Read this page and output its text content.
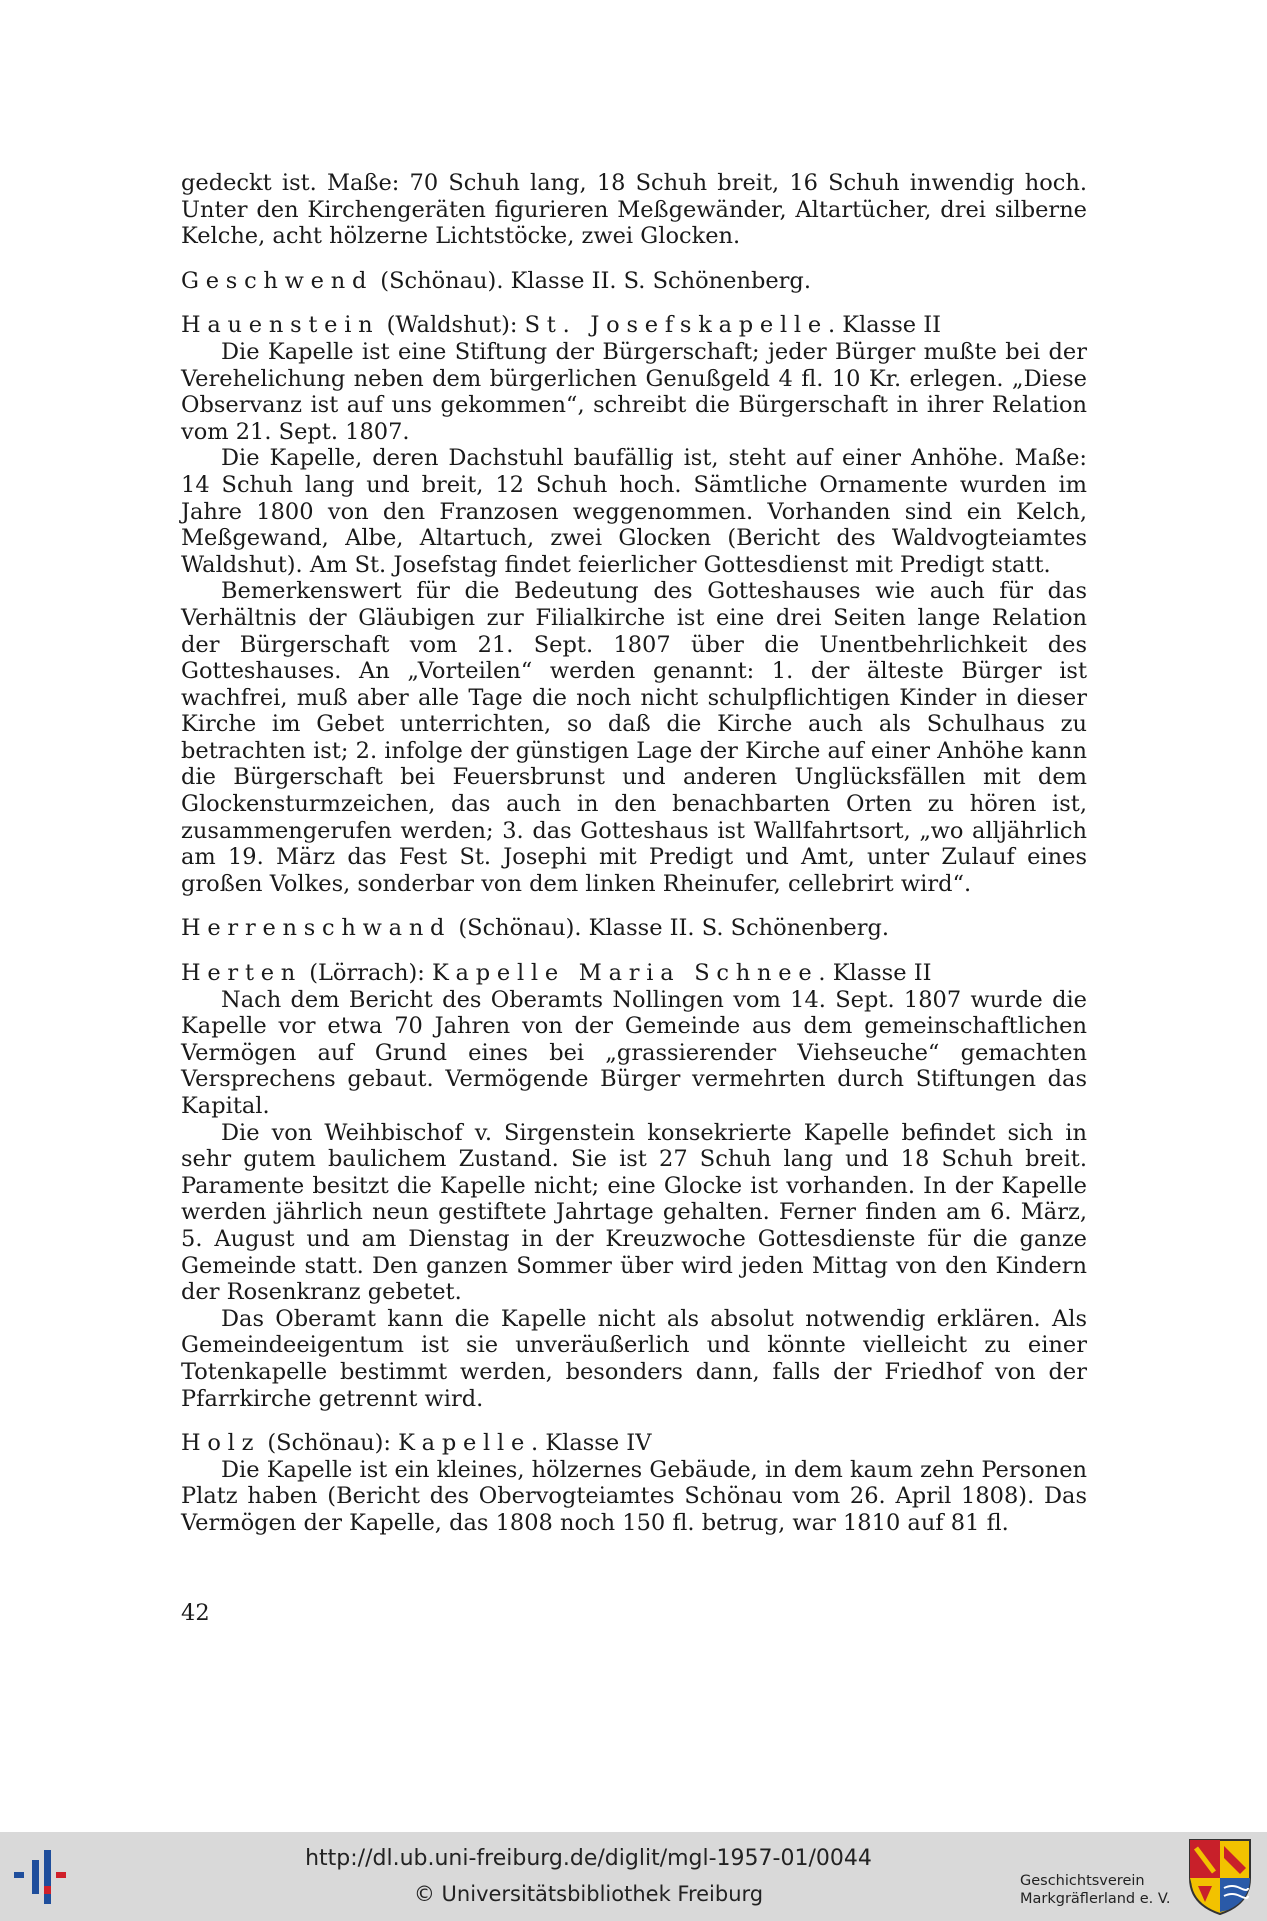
gedeckt ist. Maße: 70 Schuh lang, 18 Schuh breit, 16 Schuh inwendig hoch. Unter den Kirchengeräten figurieren Meßgewänder, Altartücher, drei silberne Kelche, acht hölzerne Lichtstöcke, zwei Glocken.

Geschwend (Schönau). Klasse II. S. Schönenberg.

Hauenstein (Waldshut): St. Josefskapelle. Klasse II

Die Kapelle ist eine Stiftung der Bürgerschaft; jeder Bürger mußte bei der Verehelichung neben dem bürgerlichen Genußgeld 4 fl. 10 Kr. erlegen. „Diese Observanz ist auf uns gekommen“, schreibt die Bürgerschaft in ihrer Relation vom 21. Sept. 1807.

Die Kapelle, deren Dachstuhl baufällig ist, steht auf einer Anhöhe. Maße: 14 Schuh lang und breit, 12 Schuh hoch. Sämtliche Ornamente wurden im Jahre 1800 von den Franzosen weggenommen. Vorhanden sind ein Kelch, Meßgewand, Albe, Altartuch, zwei Glocken (Bericht des Waldvogteiamtes Waldshut). Am St. Josefstag findet feierlicher Gottesdienst mit Predigt statt.

Bemerkenswert für die Bedeutung des Gotteshauses wie auch für das Verhältnis der Gläubigen zur Filialkirche ist eine drei Seiten lange Relation der Bürgerschaft vom 21. Sept. 1807 über die Unentbehrlichkeit des Gotteshauses. An „Vorteilen“ werden genannt: 1. der älteste Bürger ist wachfrei, muß aber alle Tage die noch nicht schulpflichtigen Kinder in dieser Kirche im Gebet unterrichten, so daß die Kirche auch als Schulhaus zu betrachten ist; 2. infolge der günstigen Lage der Kirche auf einer Anhöhe kann die Bürgerschaft bei Feuersbrunst und anderen Unglücksfällen mit dem Glockensturmzeichen, das auch in den benachbarten Orten zu hören ist, zusammengerufen werden; 3. das Gotteshaus ist Wallfahrtsort, „wo alljährlich am 19. März das Fest St. Josephi mit Predigt und Amt, unter Zulauf eines großen Volkes, sonderbar von dem linken Rheinufer, cellebrirt wird“.

Herrenschwand (Schönau). Klasse II. S. Schönenberg.

Herten (Lörrach): Kapelle Maria Schnee. Klasse II

Nach dem Bericht des Oberamts Nollingen vom 14. Sept. 1807 wurde die Kapelle vor etwa 70 Jahren von der Gemeinde aus dem gemeinschaftlichen Vermögen auf Grund eines bei „grassierender Viehseuche“ gemachten Versprechens gebaut. Vermögende Bürger vermehrten durch Stiftungen das Kapital.

Die von Weihbischof v. Sirgenstein konsekrierte Kapelle befindet sich in sehr gutem baulichem Zustand. Sie ist 27 Schuh lang und 18 Schuh breit. Paramente besitzt die Kapelle nicht; eine Glocke ist vorhanden. In der Kapelle werden jährlich neun gestiftete Jahrtage gehalten. Ferner finden am 6. März, 5. August und am Dienstag in der Kreuzwoche Gottesdienste für die ganze Gemeinde statt. Den ganzen Sommer über wird jeden Mittag von den Kindern der Rosenkranz gebetet.

Das Oberamt kann die Kapelle nicht als absolut notwendig erklären. Als Gemeindeeigentum ist sie unveräußerlich und könnte vielleicht zu einer Totenkapelle bestimmt werden, besonders dann, falls der Friedhof von der Pfarrkirche getrennt wird.

Holz (Schönau): Kapelle. Klasse IV

Die Kapelle ist ein kleines, hölzernes Gebäude, in dem kaum zehn Personen Platz haben (Bericht des Obervogteiamtes Schönau vom 26. April 1808). Das Vermögen der Kapelle, das 1808 noch 150 fl. betrug, war 1810 auf 81 fl.

42
http://dl.ub.uni-freiburg.de/diglit/mgl-1957-01/0044
© Universitätsbibliothek Freiburg
Geschichtsverein
Markgräflerland e. V.
